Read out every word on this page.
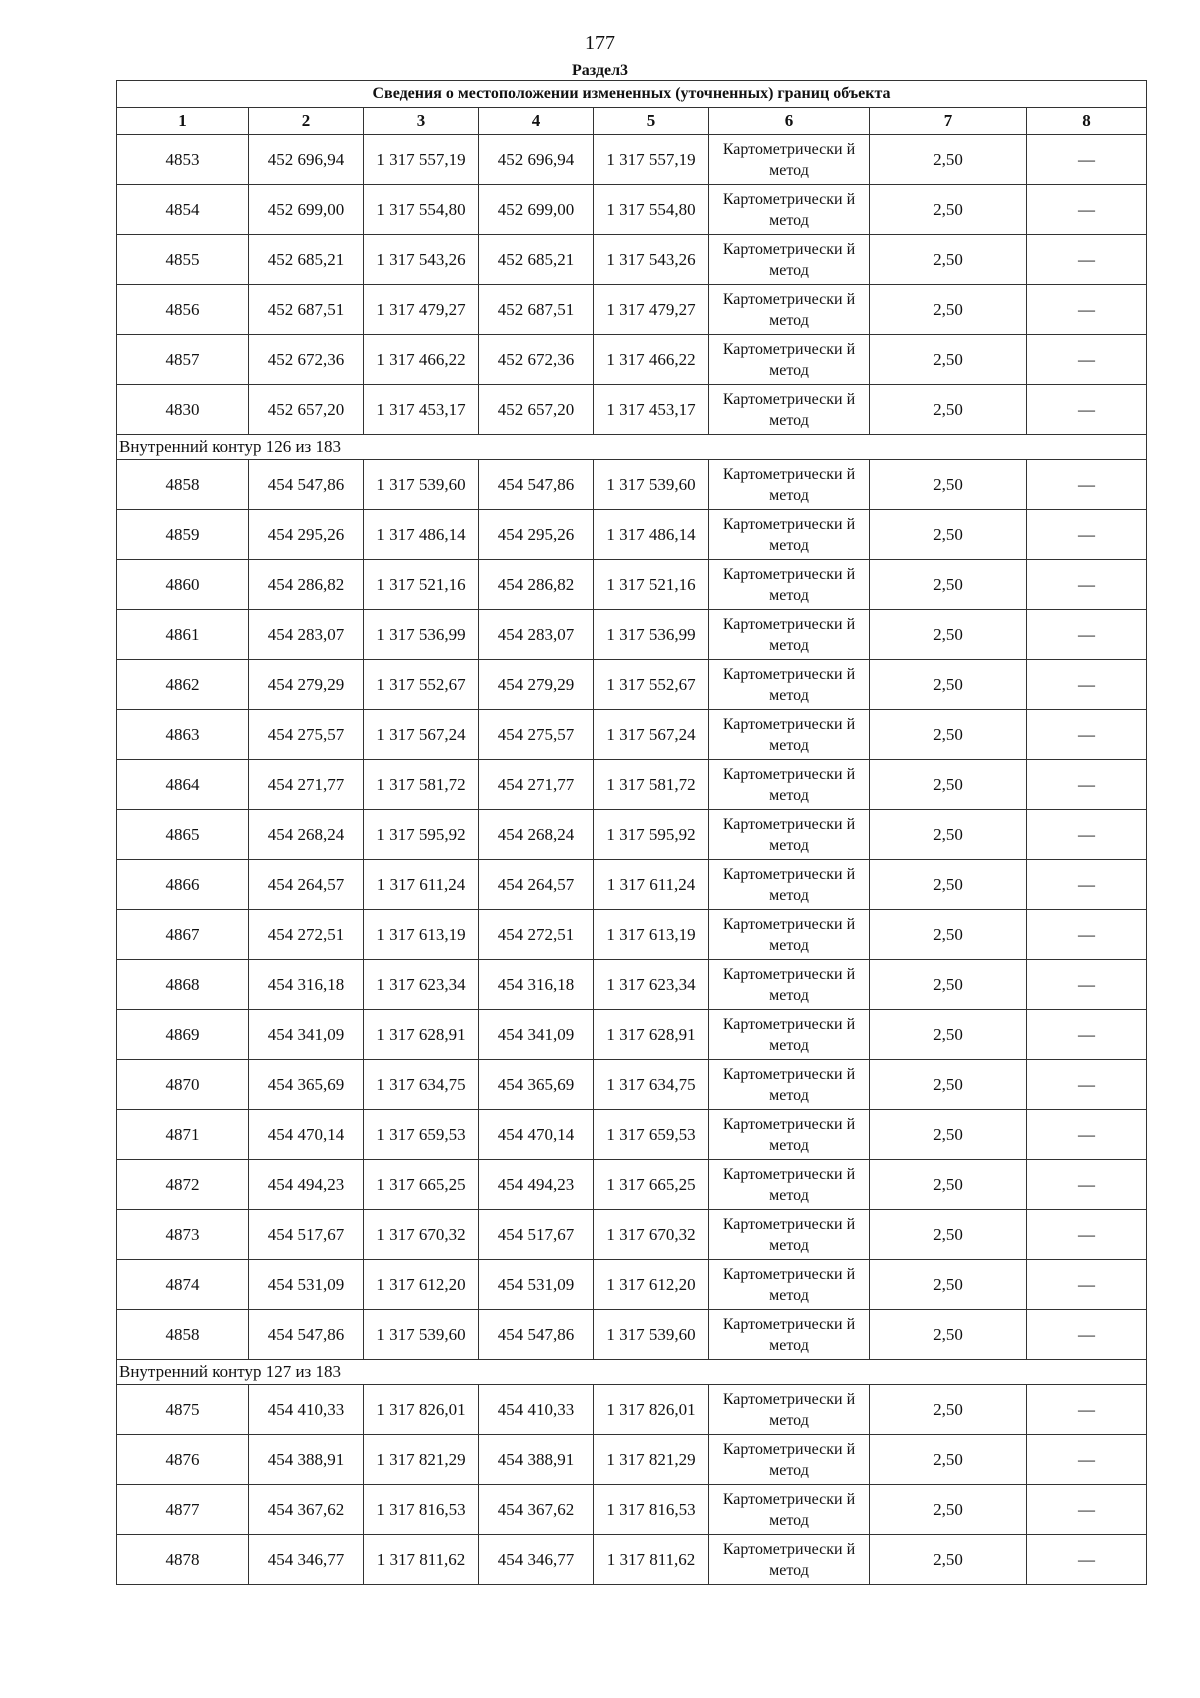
177
Раздел3
Сведения о местоположении измененных (уточненных) границ объекта							
1	2	3	4	5	6	7	8
4853	452 696,94	1 317 557,19	452 696,94	1 317 557,19	Картометрически й метод	2,50	—
4854	452 699,00	1 317 554,80	452 699,00	1 317 554,80	Картометрически й метод	2,50	—
4855	452 685,21	1 317 543,26	452 685,21	1 317 543,26	Картометрически й метод	2,50	—
4856	452 687,51	1 317 479,27	452 687,51	1 317 479,27	Картометрически й метод	2,50	—
4857	452 672,36	1 317 466,22	452 672,36	1 317 466,22	Картометрически й метод	2,50	—
4830	452 657,20	1 317 453,17	452 657,20	1 317 453,17	Картометрически й метод	2,50	—
Внутренний контур 126 из 183							
4858	454 547,86	1 317 539,60	454 547,86	1 317 539,60	Картометрически й метод	2,50	—
4859	454 295,26	1 317 486,14	454 295,26	1 317 486,14	Картометрически й метод	2,50	—
4860	454 286,82	1 317 521,16	454 286,82	1 317 521,16	Картометрически й метод	2,50	—
4861	454 283,07	1 317 536,99	454 283,07	1 317 536,99	Картометрически й метод	2,50	—
4862	454 279,29	1 317 552,67	454 279,29	1 317 552,67	Картометрически й метод	2,50	—
4863	454 275,57	1 317 567,24	454 275,57	1 317 567,24	Картометрически й метод	2,50	—
4864	454 271,77	1 317 581,72	454 271,77	1 317 581,72	Картометрически й метод	2,50	—
4865	454 268,24	1 317 595,92	454 268,24	1 317 595,92	Картометрически й метод	2,50	—
4866	454 264,57	1 317 611,24	454 264,57	1 317 611,24	Картометрически й метод	2,50	—
4867	454 272,51	1 317 613,19	454 272,51	1 317 613,19	Картометрически й метод	2,50	—
4868	454 316,18	1 317 623,34	454 316,18	1 317 623,34	Картометрически й метод	2,50	—
4869	454 341,09	1 317 628,91	454 341,09	1 317 628,91	Картометрически й метод	2,50	—
4870	454 365,69	1 317 634,75	454 365,69	1 317 634,75	Картометрически й метод	2,50	—
4871	454 470,14	1 317 659,53	454 470,14	1 317 659,53	Картометрически й метод	2,50	—
4872	454 494,23	1 317 665,25	454 494,23	1 317 665,25	Картометрически й метод	2,50	—
4873	454 517,67	1 317 670,32	454 517,67	1 317 670,32	Картометрически й метод	2,50	—
4874	454 531,09	1 317 612,20	454 531,09	1 317 612,20	Картометрически й метод	2,50	—
4858	454 547,86	1 317 539,60	454 547,86	1 317 539,60	Картометрически й метод	2,50	—
Внутренний контур 127 из 183							
4875	454 410,33	1 317 826,01	454 410,33	1 317 826,01	Картометрически й метод	2,50	—
4876	454 388,91	1 317 821,29	454 388,91	1 317 821,29	Картометрически й метод	2,50	—
4877	454 367,62	1 317 816,53	454 367,62	1 317 816,53	Картометрически й метод	2,50	—
4878	454 346,77	1 317 811,62	454 346,77	1 317 811,62	Картометрически й метод	2,50	—
